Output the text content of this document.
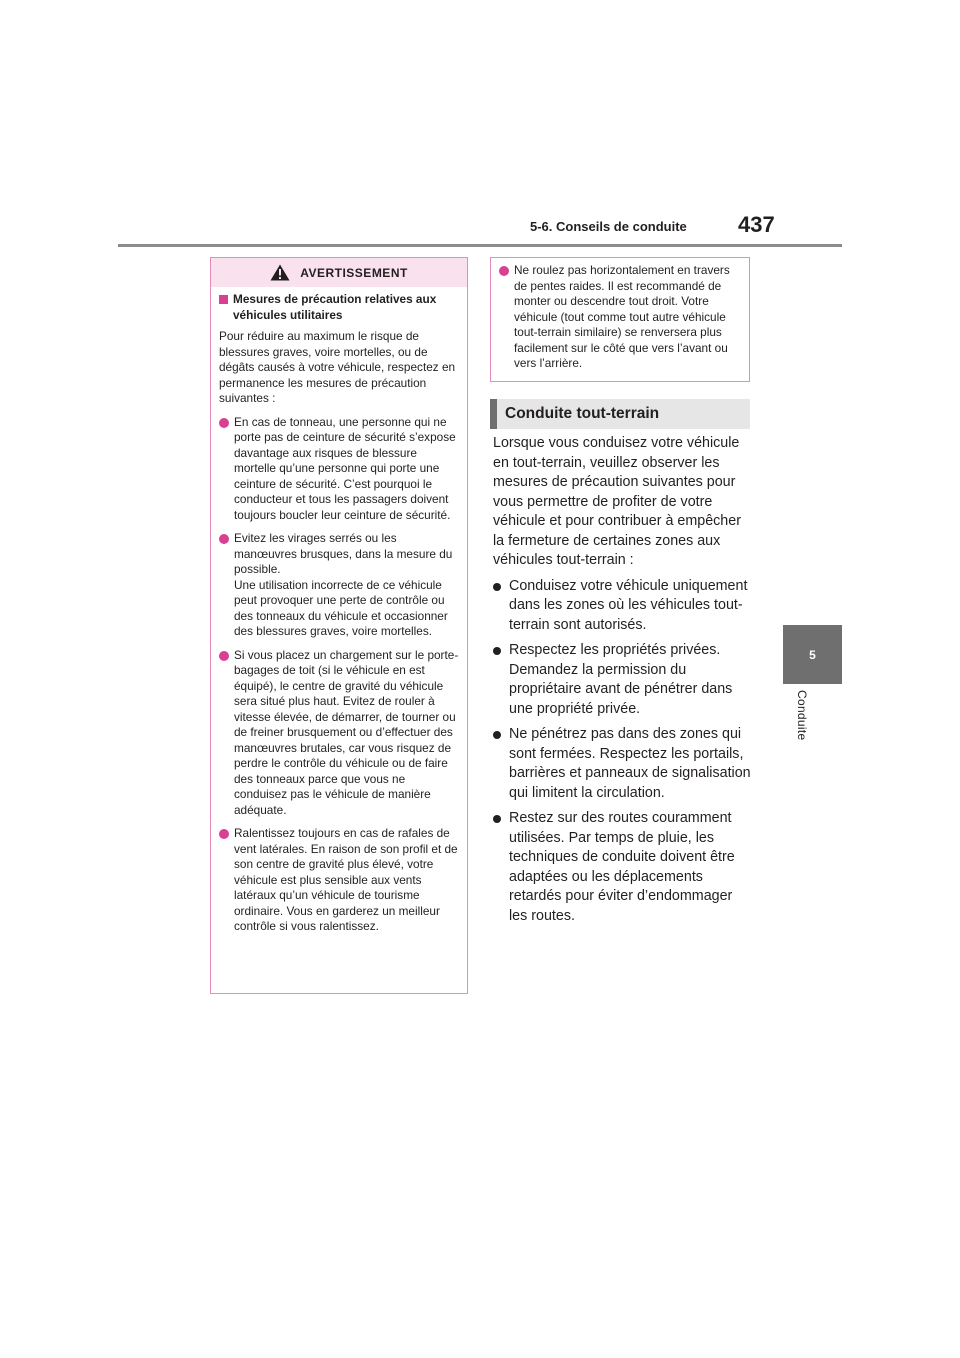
5-6. Conseils de conduite 437
5
Conduite
AVERTISSEMENT
Mesures de précaution relatives aux véhicules utilitaires
Pour réduire au maximum le risque de blessures graves, voire mortelles, ou de dégâts causés à votre véhicule, respectez en permanence les mesures de précaution suivantes :
En cas de tonneau, une personne qui ne porte pas de ceinture de sécurité s’expose davantage aux risques de blessure mortelle qu’une personne qui porte une ceinture de sécurité. C’est pourquoi le conducteur et tous les passagers doivent toujours boucler leur ceinture de sécurité.
Evitez les virages serrés ou les manœuvres brusques, dans la mesure du possible.
Une utilisation incorrecte de ce véhicule peut provoquer une perte de contrôle ou des tonneaux du véhicule et occasionner des blessures graves, voire mortelles.
Si vous placez un chargement sur le porte-bagages de toit (si le véhicule en est équipé), le centre de gravité du véhicule sera situé plus haut. Evitez de rouler à vitesse élevée, de démarrer, de tourner ou de freiner brusquement ou d’effectuer des manœuvres brutales, car vous risquez de perdre le contrôle du véhicule ou de faire des tonneaux parce que vous ne conduisez pas le véhicule de manière adéquate.
Ralentissez toujours en cas de rafales de vent latérales. En raison de son profil et de son centre de gravité plus élevé, votre véhicule est plus sensible aux vents latéraux qu’un véhicule de tourisme ordinaire. Vous en garderez un meilleur contrôle si vous ralentissez.
Ne roulez pas horizontalement en travers de pentes raides. Il est recommandé de monter ou descendre tout droit. Votre véhicule (tout comme tout autre véhicule tout-terrain similaire) se renversera plus facilement sur le côté que vers l’avant ou vers l’arrière.
Conduite tout-terrain

Lorsque vous conduisez votre véhicule en tout-terrain, veuillez observer les mesures de précaution suivantes pour vous permettre de profiter de votre véhicule et pour contribuer à empêcher la fermeture de certaines zones aux véhicules tout-terrain :

Conduisez votre véhicule uniquement dans les zones où les véhicules tout-terrain sont autorisés.
Respectez les propriétés privées. Demandez la permission du propriétaire avant de pénétrer dans une propriété privée.
Ne pénétrez pas dans des zones qui sont fermées. Respectez les portails, barrières et panneaux de signalisation qui limitent la circulation.
Restez sur des routes couramment utilisées. Par temps de pluie, les techniques de conduite doivent être adaptées ou les déplacements retardés pour éviter d’endommager les routes.
